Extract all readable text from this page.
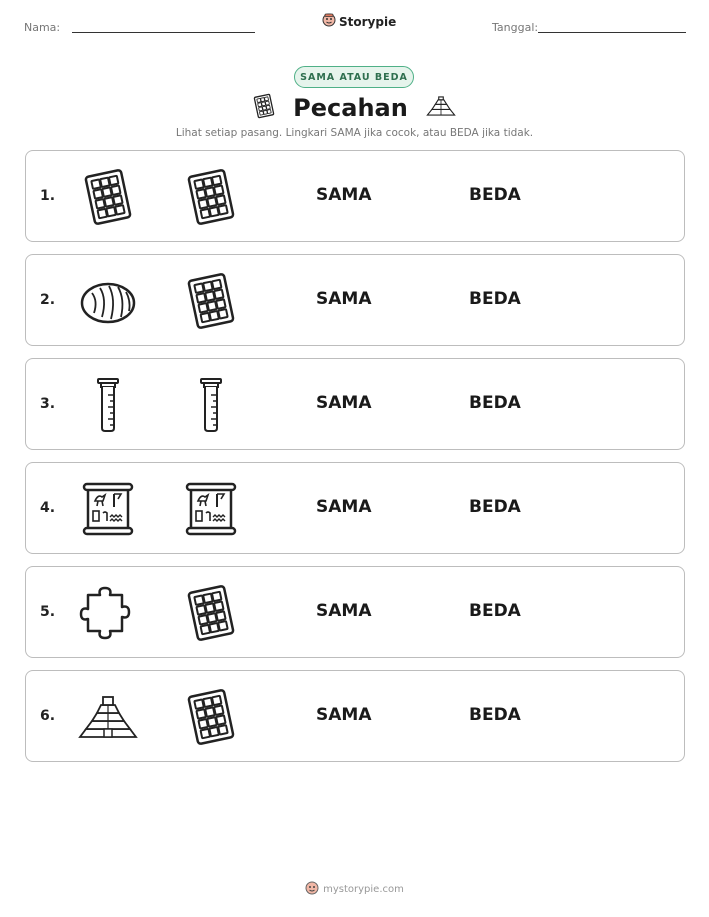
Nama:	Storypie	Tanggal:
SAMA ATAU BEDA
Pecahan
Lihat setiap pasang. Lingkari SAMA jika cocok, atau BEDA jika tidak.
1.	SAMA	BEDA
2.	SAMA	BEDA
3.	SAMA	BEDA
4.	SAMA	BEDA
5.	SAMA	BEDA
6.	SAMA	BEDA
mystorypie.com
